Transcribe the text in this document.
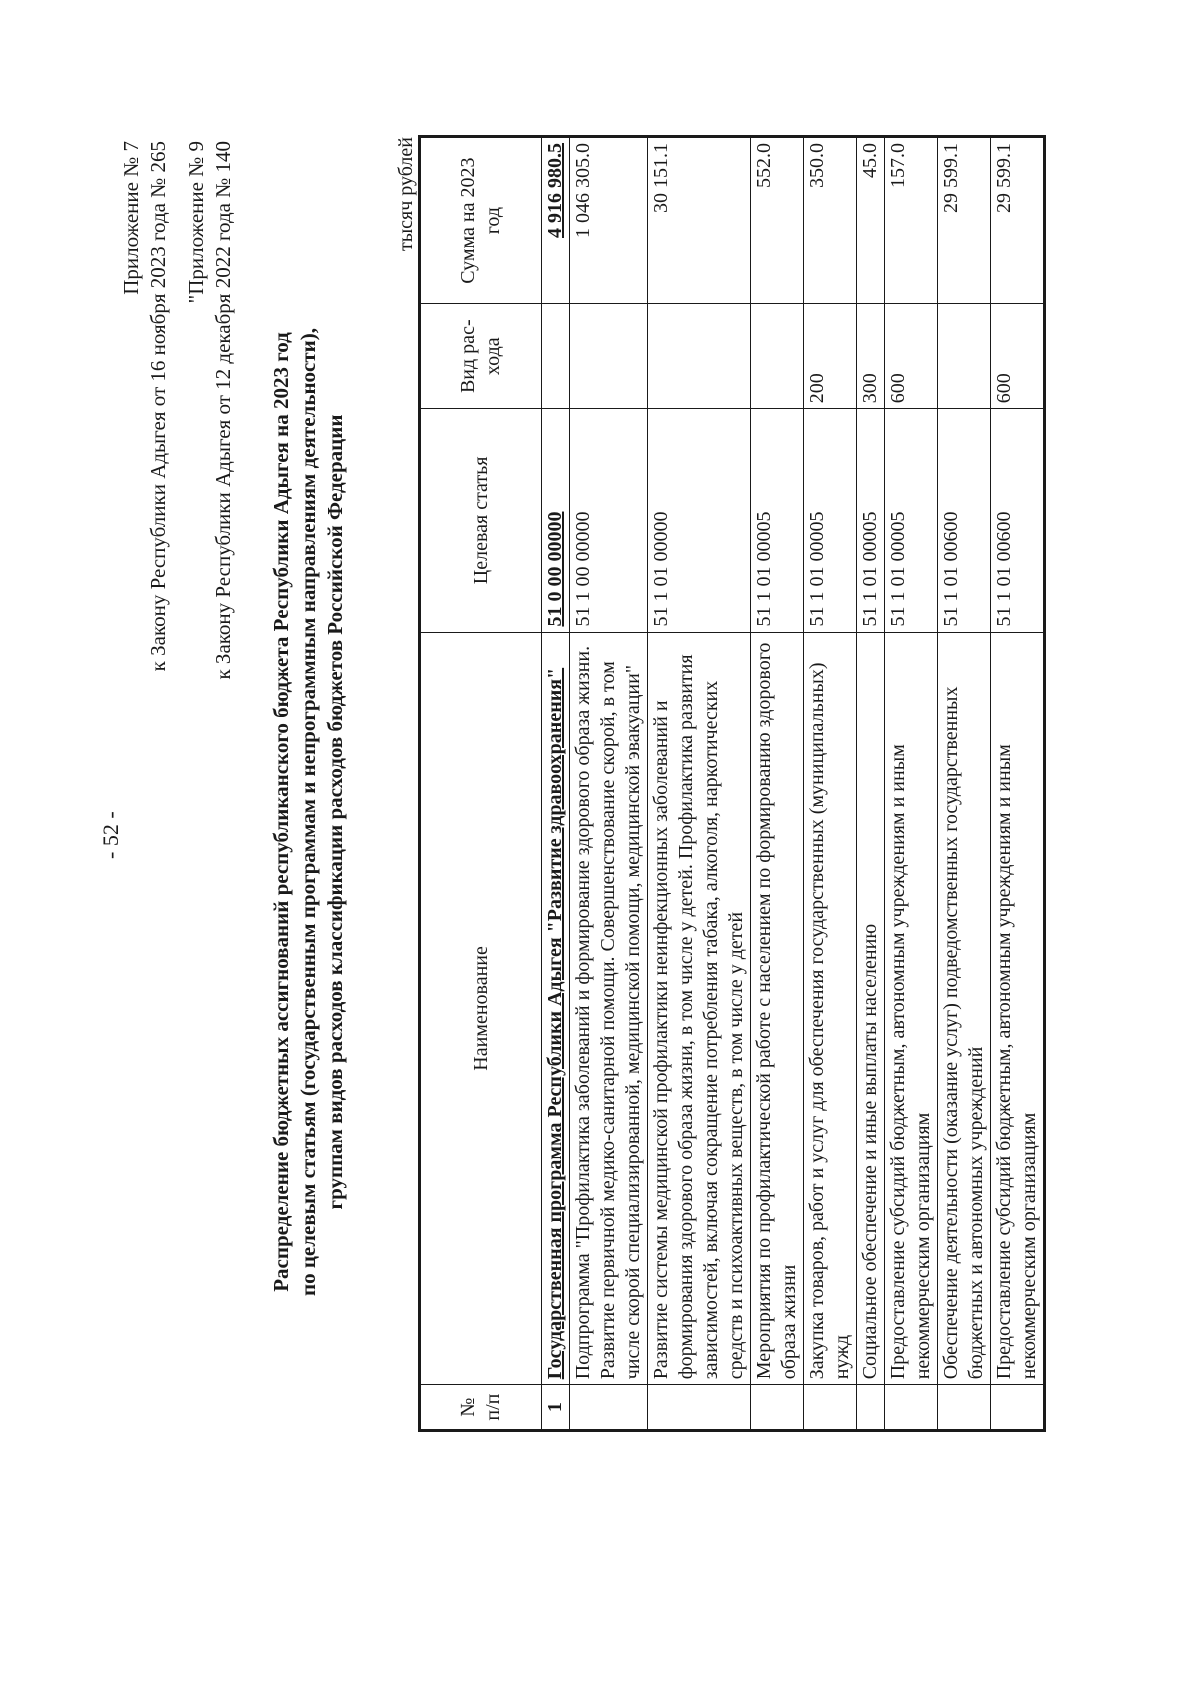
- 52 -
Приложение № 7 к Закону Республики Адыгея от 16 ноября 2023 года № 265 "Приложение № 9 к Закону Республики Адыгея от 12 декабря 2022 года № 140 Распределение бюджетных ассигнований республиканского бюджета Республики Адыгея на 2023 год по целевым статьям (государственным программам и непрограммным направлениям деятельности), группам видов расходов классификации расходов бюджетов Российской Федерации
тысяч рублей
№ п/п	Наименование	Целевая статья	Вид рас-хода	Сумма на 2023 год
1	Государственная программа Республики Адыгея "Развитие здравоохранения"	51 0 00 00000		4 916 980.5
	Подпрограмма "Профилактика заболеваний и формирование здорового образа жизни. Развитие первичной медико-санитарной помощи. Совершенствование скорой, в том числе скорой специализированной, медицинской помощи, медицинской эвакуации"	51 1 00 00000		1 046 305.0
	Развитие системы медицинской профилактики неинфекционных заболеваний и формирования здорового образа жизни, в том числе у детей. Профилактика развития зависимостей, включая сокращение потребления табака, алкоголя, наркотических средств и психоактивных веществ, в том числе у детей	51 1 01 00000		30 151.1
	Мероприятия по профилактической работе с населением по формированию здорового образа жизни	51 1 01 00005		552.0
	Закупка товаров, работ и услуг для обеспечения государственных (муниципальных) нужд	51 1 01 00005	200	350.0
	Социальное обеспечение и иные выплаты населению	51 1 01 00005	300	45.0
	Предоставление субсидий бюджетным, автономным учреждениям и иным некоммерческим организациям	51 1 01 00005	600	157.0
	Обеспечение деятельности (оказание услуг) подведомственных государственных бюджетных и автономных учреждений	51 1 01 00600		29 599.1
	Предоставление субсидий бюджетным, автономным учреждениям и иным некоммерческим организациям	51 1 01 00600	600	29 599.1
